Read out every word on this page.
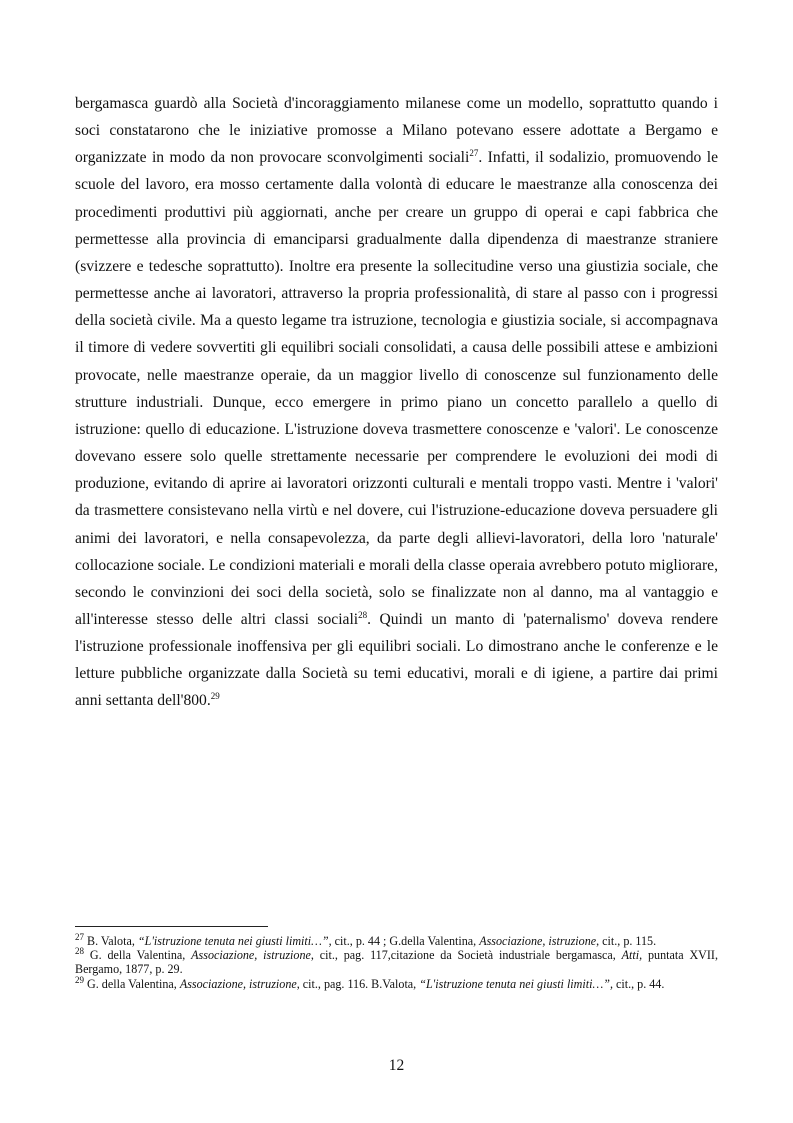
bergamasca guardò alla Società d'incoraggiamento milanese come un modello, soprattutto quando i soci constatarono che le iniziative promosse a Milano potevano essere adottate a Bergamo e organizzate in modo da non provocare sconvolgimenti sociali$^{27}$. Infatti, il sodalizio, promuovendo le scuole del lavoro, era mosso certamente dalla volontà di educare le maestranze alla conoscenza dei procedimenti produttivi più aggiornati, anche per creare un gruppo di operai e capi fabbrica che permettesse alla provincia di emanciparsi gradualmente dalla dipendenza di maestranze straniere (svizzere e tedesche soprattutto). Inoltre era presente la sollecitudine verso una giustizia sociale, che permettesse anche ai lavoratori, attraverso la propria professionalità, di stare al passo con i progressi della società civile. Ma a questo legame tra istruzione, tecnologia e giustizia sociale, si accompagnava il timore di vedere sovvertiti gli equilibri sociali consolidati, a causa delle possibili attese e ambizioni provocate, nelle maestranze operaie, da un maggior livello di conoscenze sul funzionamento delle strutture industriali. Dunque, ecco emergere in primo piano un concetto parallelo a quello di istruzione: quello di educazione. L'istruzione doveva trasmettere conoscenze e 'valori'. Le conoscenze dovevano essere solo quelle strettamente necessarie per comprendere le evoluzioni dei modi di produzione, evitando di aprire ai lavoratori orizzonti culturali e mentali troppo vasti. Mentre i 'valori' da trasmettere consistevano nella virtù e nel dovere, cui l'istruzione-educazione doveva persuadere gli animi dei lavoratori, e nella consapevolezza, da parte degli allievi-lavoratori, della loro 'naturale' collocazione sociale. Le condizioni materiali e morali della classe operaia avrebbero potuto migliorare, secondo le convinzioni dei soci della società, solo se finalizzate non al danno, ma al vantaggio e all'interesse stesso delle altri classi sociali$^{28}$. Quindi un manto di 'paternalismo' doveva rendere l'istruzione professionale inoffensiva per gli equilibri sociali. Lo dimostrano anche le conferenze e le letture pubbliche organizzate dalla Società su temi educativi, morali e di igiene, a partire dai primi anni settanta dell'800.29

$^{27}$ B. Valota, “L'istruzione tenuta nei giusti limiti…”, cit., p. 44 ; G.della Valentina, Associazione, istruzione, cit., p. 115.

$^{28}$ G. della Valentina, Associazione, istruzione, cit., pag. 117,citazione da Società industriale bergamasca, Atti, puntata XVII, Bergamo, 1877, p. 29.

$^{29}$ G. della Valentina, Associazione, istruzione, cit., pag. 116. B.Valota, “L'istruzione tenuta nei giusti limiti…”, cit., p. 44.

12
